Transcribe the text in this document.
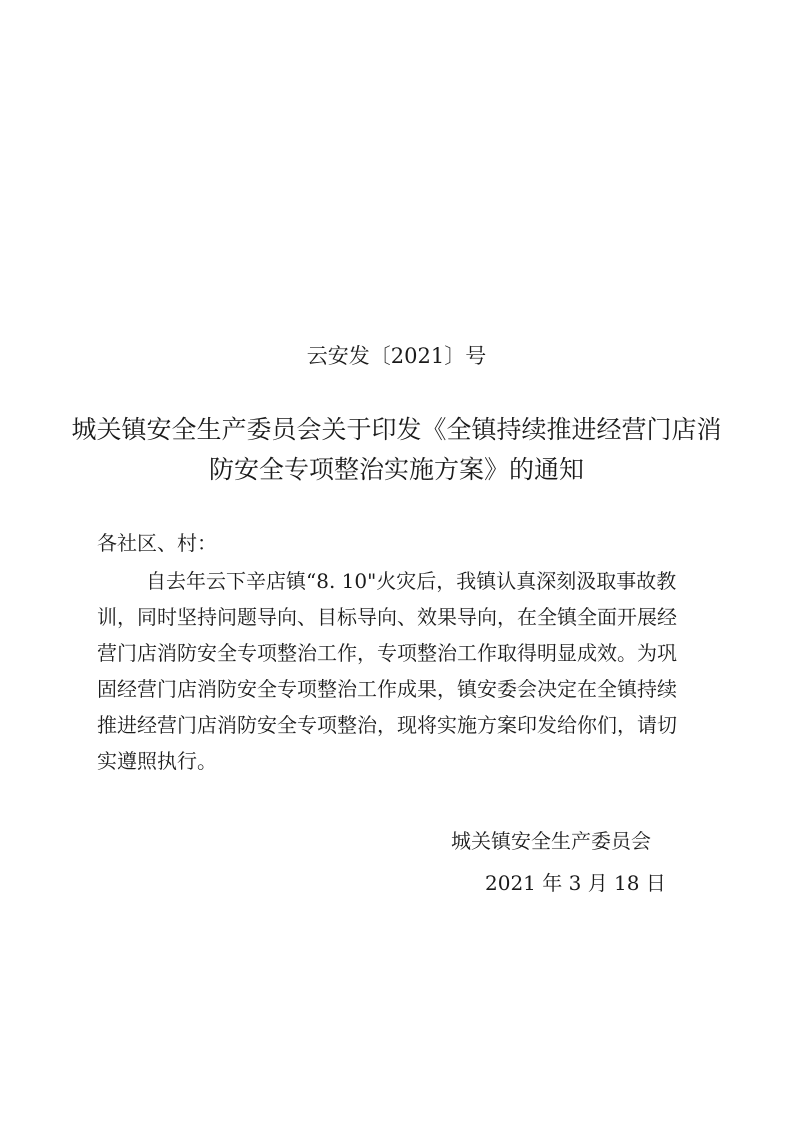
云安发〔2021〕号
城关镇安全生产委员会关于印发《全镇持续推进经营门店消
防安全专项整治实施方案》的通知
各社区、村：
自去年云下辛店镇“8. 10"火灾后，我镇认真深刻汲取事故教
训，同时坚持问题导向、目标导向、效果导向，在全镇全面开展经
营门店消防安全专项整治工作，专项整治工作取得明显成效。为巩
固经营门店消防安全专项整治工作成果，镇安委会决定在全镇持续
推进经营门店消防安全专项整治，现将实施方案印发给你们，请切
实遵照执行。
城关镇安全生产委员会
2021 年 3 月 18 日
